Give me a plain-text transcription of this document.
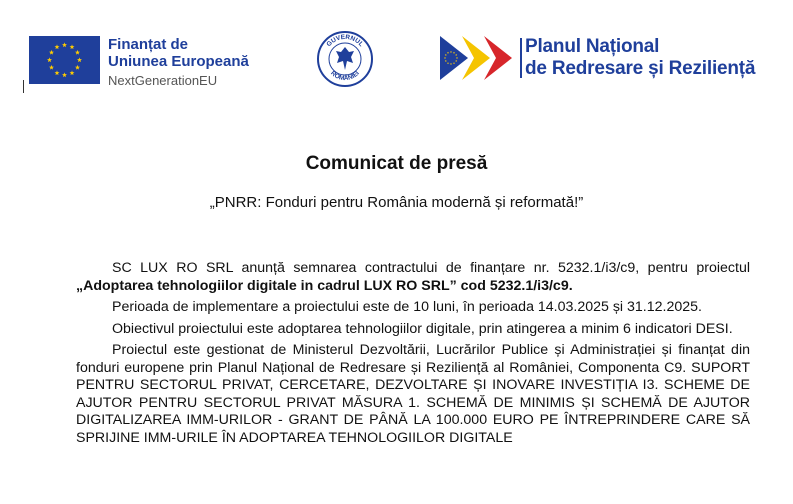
Finanțat de
Uniunea Europeană
NextGenerationEU
GUVERNUL
ROMÂNIEI
Planul Național
de Redresare și Reziliență
Comunicat de presă
„PNRR: Fonduri pentru România modernă și reformată!”

SC LUX RO SRL anunță semnarea contractului de finanțare nr. 5232.1/i3/c9, pentru proiectul „Adoptarea tehnologiilor digitale in cadrul LUX RO SRL” cod 5232.1/i3/c9.

Perioada de implementare a proiectului este de 10 luni, în perioada 14.03.2025 și 31.12.2025.

Obiectivul proiectului este adoptarea tehnologiilor digitale, prin atingerea a minim 6 indicatori DESI.

Proiectul este gestionat de Ministerul Dezvoltării, Lucrărilor Publice și Administrației și finanțat din fonduri europene prin Planul Național de Redresare și Reziliență al României, Componenta C9. SUPORT PENTRU SECTORUL PRIVAT, CERCETARE, DEZVOLTARE ȘI INOVARE INVESTIȚIA I3. SCHEME DE AJUTOR PENTRU SECTORUL PRIVAT MĂSURA 1. SCHEMĂ DE MINIMIS ȘI SCHEMĂ DE AJUTOR DIGITALIZAREA IMM-URILOR - GRANT DE PÂNĂ LA 100.000 EURO PE ÎNTREPRINDERE CARE SĂ SPRIJINE IMM-URILE ÎN ADOPTAREA TEHNOLOGIILOR DIGITALE
